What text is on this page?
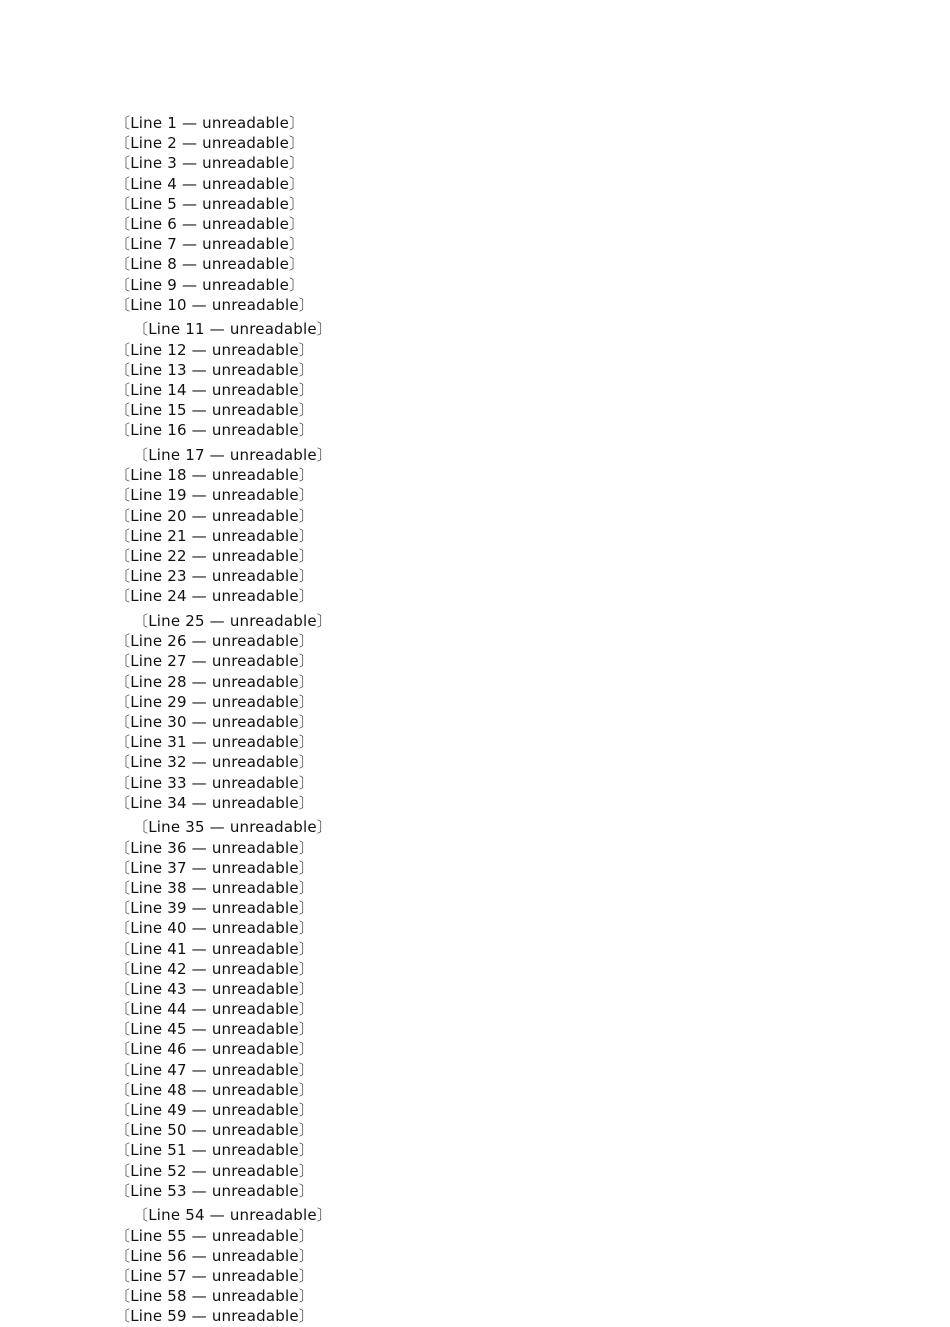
〔Line 1 — unreadable〕
〔Line 2 — unreadable〕
〔Line 3 — unreadable〕
〔Line 4 — unreadable〕
〔Line 5 — unreadable〕
〔Line 6 — unreadable〕
〔Line 7 — unreadable〕
〔Line 8 — unreadable〕
〔Line 9 — unreadable〕
〔Line 10 — unreadable〕
〔Line 11 — unreadable〕
〔Line 12 — unreadable〕
〔Line 13 — unreadable〕
〔Line 14 — unreadable〕
〔Line 15 — unreadable〕
〔Line 16 — unreadable〕
〔Line 17 — unreadable〕
〔Line 18 — unreadable〕
〔Line 19 — unreadable〕
〔Line 20 — unreadable〕
〔Line 21 — unreadable〕
〔Line 22 — unreadable〕
〔Line 23 — unreadable〕
〔Line 24 — unreadable〕
〔Line 25 — unreadable〕
〔Line 26 — unreadable〕
〔Line 27 — unreadable〕
〔Line 28 — unreadable〕
〔Line 29 — unreadable〕
〔Line 30 — unreadable〕
〔Line 31 — unreadable〕
〔Line 32 — unreadable〕
〔Line 33 — unreadable〕
〔Line 34 — unreadable〕
〔Line 35 — unreadable〕
〔Line 36 — unreadable〕
〔Line 37 — unreadable〕
〔Line 38 — unreadable〕
〔Line 39 — unreadable〕
〔Line 40 — unreadable〕
〔Line 41 — unreadable〕
〔Line 42 — unreadable〕
〔Line 43 — unreadable〕
〔Line 44 — unreadable〕
〔Line 45 — unreadable〕
〔Line 46 — unreadable〕
〔Line 47 — unreadable〕
〔Line 48 — unreadable〕
〔Line 49 — unreadable〕
〔Line 50 — unreadable〕
〔Line 51 — unreadable〕
〔Line 52 — unreadable〕
〔Line 53 — unreadable〕
〔Line 54 — unreadable〕
〔Line 55 — unreadable〕
〔Line 56 — unreadable〕
〔Line 57 — unreadable〕
〔Line 58 — unreadable〕
〔Line 59 — unreadable〕
